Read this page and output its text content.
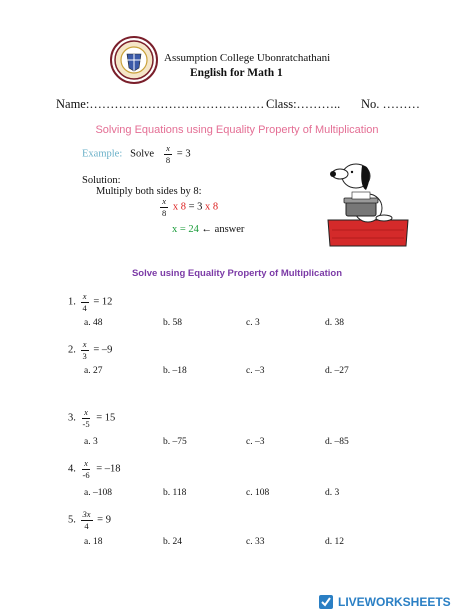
Assumption College Ubonratchathani
English for Math 1
Name:…………………………………… Class:……….. No. ………
Solving Equations using Equality Property of Multiplication
Example: Solve $\frac{x}{8} = 3$
Solution:
Multiply both sides by 8:
$\frac{x}{8}$ x 8 = 3 x 8
x = 24 ← answer
Solve using Equality Property of Multiplication
1. $\frac{x}{4} = 12$
a. 48	b. 58	c. 3	d. 38
2. $\frac{x}{3} = -9$
a. 27	b. –18	c. –3	d. –27
3. $\frac{x}{-5} = 15$
a. 3	b. –75	c. –3	d. –85
4. $\frac{x}{-6} = -18$
a. –108	b. 118	c. 108	d. 3
5. $\frac{3x}{4} = 9$
a. 18	b. 24	c. 33	d. 12
LIVEWORKSHEETS
